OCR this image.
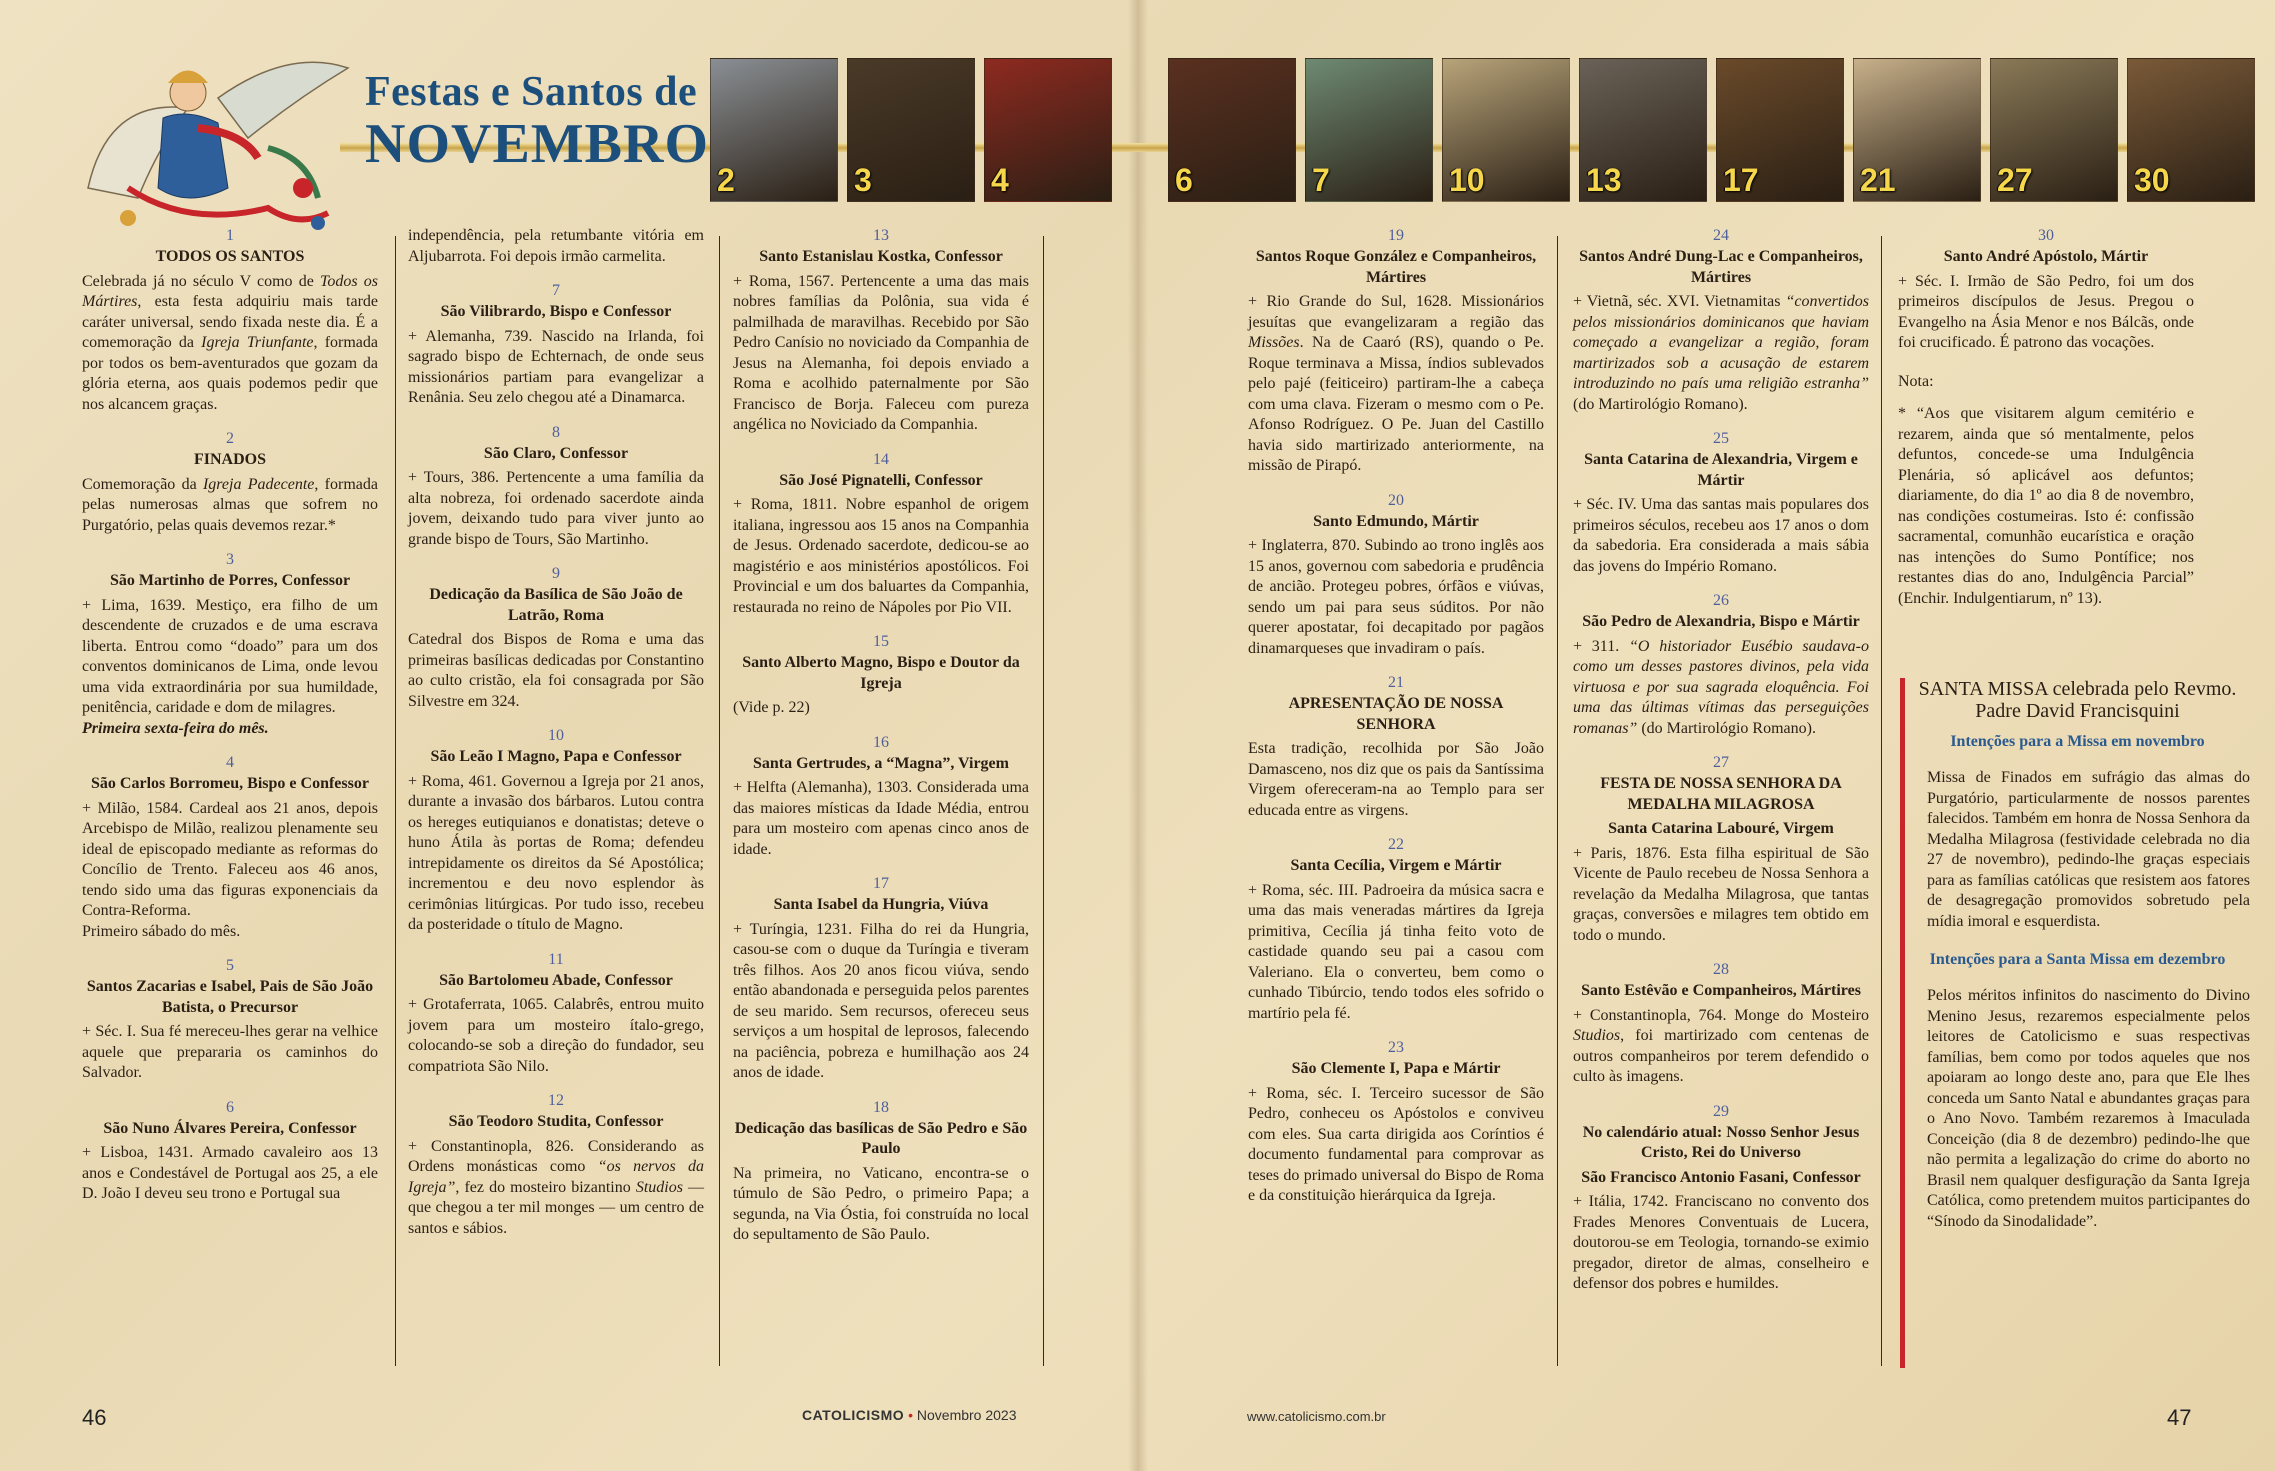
Festas e Santos de
NOVEMBRO
2	3	4	6	7	10	13	17	21	27	30
1
TODOS OS SANTOS

Celebrada já no século V como de Todos os Mártires, esta festa adquiriu mais tarde caráter universal, sendo fixada neste dia. É a comemoração da Igreja Triunfante, formada por todos os bem-aventurados que gozam da glória eterna, aos quais podemos pedir que nos alcancem graças.

2
FINADOS

Comemoração da Igreja Padecente, formada pelas numerosas almas que sofrem no Purgatório, pelas quais devemos rezar.*

3
São Martinho de Porres, Confessor

+ Lima, 1639. Mestiço, era filho de um descendente de cruzados e de uma escrava liberta. Entrou como “doado” para um dos conventos dominicanos de Lima, onde levou uma vida extraordinária por sua humildade, penitência, caridade e dom de milagres.
Primeira sexta-feira do mês.

4
São Carlos Borromeu, Bispo e Confessor

+ Milão, 1584. Cardeal aos 21 anos, depois Arcebispo de Milão, realizou plenamente seu ideal de episcopado mediante as reformas do Concílio de Trento. Faleceu aos 46 anos, tendo sido uma das figuras exponenciais da Contra-Reforma.
Primeiro sábado do mês.

5
Santos Zacarias e Isabel, Pais de São João Batista, o Precursor

+ Séc. I. Sua fé mereceu-lhes gerar na velhice aquele que prepararia os caminhos do Salvador.

6
São Nuno Álvares Pereira, Confessor

+ Lisboa, 1431. Armado cavaleiro aos 13 anos e Condestável de Portugal aos 25, a ele D. João I deveu seu trono e Portugal sua

independência, pela retumbante vitória em Aljubarrota. Foi depois irmão carmelita.

7
São Vilibrardo, Bispo e Confessor

+ Alemanha, 739. Nascido na Irlanda, foi sagrado bispo de Echternach, de onde seus missionários partiam para evangelizar a Renânia. Seu zelo chegou até a Dinamarca.

8
São Claro, Confessor

+ Tours, 386. Pertencente a uma família da alta nobreza, foi ordenado sacerdote ainda jovem, deixando tudo para viver junto ao grande bispo de Tours, São Martinho.

9
Dedicação da Basílica de São João de Latrão, Roma

Catedral dos Bispos de Roma e uma das primeiras basílicas dedicadas por Constantino ao culto cristão, ela foi consagrada por São Silvestre em 324.

10
São Leão I Magno, Papa e Confessor

+ Roma, 461. Governou a Igreja por 21 anos, durante a invasão dos bárbaros. Lutou contra os hereges eutiquianos e donatistas; deteve o huno Átila às portas de Roma; defendeu intrepidamente os direitos da Sé Apostólica; incrementou e deu novo esplendor às cerimônias litúrgicas. Por tudo isso, recebeu da posteridade o título de Magno.

11
São Bartolomeu Abade, Confessor

+ Grotaferrata, 1065. Calabrês, entrou muito jovem para um mosteiro ítalo-grego, colocando-se sob a direção do fundador, seu compatriota São Nilo.

12
São Teodoro Studita, Confessor

+ Constantinopla, 826. Considerando as Ordens monásticas como “os nervos da Igreja”, fez do mosteiro bizantino Studios — que chegou a ter mil monges — um centro de santos e sábios.

13
Santo Estanislau Kostka, Confessor

+ Roma, 1567. Pertencente a uma das mais nobres famílias da Polônia, sua vida é palmilhada de maravilhas. Recebido por São Pedro Canísio no noviciado da Companhia de Jesus na Alemanha, foi depois enviado a Roma e acolhido paternalmente por São Francisco de Borja. Faleceu com pureza angélica no Noviciado da Companhia.

14
São José Pignatelli, Confessor

+ Roma, 1811. Nobre espanhol de origem italiana, ingressou aos 15 anos na Companhia de Jesus. Ordenado sacerdote, dedicou-se ao magistério e aos ministérios apostólicos. Foi Provincial e um dos baluartes da Companhia, restaurada no reino de Nápoles por Pio VII.

15
Santo Alberto Magno, Bispo e Doutor da Igreja

(Vide p. 22)

16
Santa Gertrudes, a “Magna”, Virgem

+ Helfta (Alemanha), 1303. Considerada uma das maiores místicas da Idade Média, entrou para um mosteiro com apenas cinco anos de idade.

17
Santa Isabel da Hungria, Viúva

+ Turíngia, 1231. Filha do rei da Hungria, casou-se com o duque da Turíngia e tiveram três filhos. Aos 20 anos ficou viúva, sendo então abandonada e perseguida pelos parentes de seu marido. Sem recursos, ofereceu seus serviços a um hospital de leprosos, falecendo na paciência, pobreza e humilhação aos 24 anos de idade.

18
Dedicação das basílicas de São Pedro e São Paulo

Na primeira, no Vaticano, encontra-se o túmulo de São Pedro, o primeiro Papa; a segunda, na Via Óstia, foi construída no local do sepultamento de São Paulo.

19
Santos Roque González e Companheiros, Mártires

+ Rio Grande do Sul, 1628. Missionários jesuítas que evangelizaram a região das Missões. Na de Caaró (RS), quando o Pe. Roque terminava a Missa, índios sublevados pelo pajé (feiticeiro) partiram-lhe a cabeça com uma clava. Fizeram o mesmo com o Pe. Afonso Rodríguez. O Pe. Juan del Castillo havia sido martirizado anteriormente, na missão de Pirapó.

20
Santo Edmundo, Mártir

+ Inglaterra, 870. Subindo ao trono inglês aos 15 anos, governou com sabedoria e prudência de ancião. Protegeu pobres, órfãos e viúvas, sendo um pai para seus súditos. Por não querer apostatar, foi decapitado por pagãos dinamarqueses que invadiram o país.

21
APRESENTAÇÃO DE NOSSA SENHORA

Esta tradição, recolhida por São João Damasceno, nos diz que os pais da Santíssima Virgem ofereceram-na ao Templo para ser educada entre as virgens.

22
Santa Cecília, Virgem e Mártir

+ Roma, séc. III. Padroeira da música sacra e uma das mais veneradas mártires da Igreja primitiva, Cecília já tinha feito voto de castidade quando seu pai a casou com Valeriano. Ela o converteu, bem como o cunhado Tibúrcio, tendo todos eles sofrido o martírio pela fé.

23
São Clemente I, Papa e Mártir

+ Roma, séc. I. Terceiro sucessor de São Pedro, conheceu os Apóstolos e conviveu com eles. Sua carta dirigida aos Coríntios é documento fundamental para comprovar as teses do primado universal do Bispo de Roma e da constituição hierárquica da Igreja.

24
Santos André Dung-Lac e Companheiros, Mártires

+ Vietnã, séc. XVI. Vietnamitas “convertidos pelos missionários dominicanos que haviam começado a evangelizar a região, foram martirizados sob a acusação de estarem introduzindo no país uma religião estranha” (do Martirológio Romano).

25
Santa Catarina de Alexandria, Virgem e Mártir

+ Séc. IV. Uma das santas mais populares dos primeiros séculos, recebeu aos 17 anos o dom da sabedoria. Era considerada a mais sábia das jovens do Império Romano.

26
São Pedro de Alexandria, Bispo e Mártir

+ 311. “O historiador Eusébio saudava-o como um desses pastores divinos, pela vida virtuosa e por sua sagrada eloquência. Foi uma das últimas vítimas das perseguições romanas” (do Martirológio Romano).

27
FESTA DE NOSSA SENHORA DA MEDALHA MILAGROSA
Santa Catarina Labouré, Virgem

+ Paris, 1876. Esta filha espiritual de São Vicente de Paulo recebeu de Nossa Senhora a revelação da Medalha Milagrosa, que tantas graças, conversões e milagres tem obtido em todo o mundo.

28
Santo Estêvão e Companheiros, Mártires

+ Constantinopla, 764. Monge do Mosteiro Studios, foi martirizado com centenas de outros companheiros por terem defendido o culto às imagens.

29
No calendário atual: Nosso Senhor Jesus Cristo, Rei do Universo
São Francisco Antonio Fasani, Confessor

+ Itália, 1742. Franciscano no convento dos Frades Menores Conventuais de Lucera, doutorou-se em Teologia, tornando-se eximio pregador, diretor de almas, conselheiro e defensor dos pobres e humildes.

30
Santo André Apóstolo, Mártir

+ Séc. I. Irmão de São Pedro, foi um dos primeiros discípulos de Jesus. Pregou o Evangelho na Ásia Menor e nos Bálcãs, onde foi crucificado. É patrono das vocações.

Nota:

* “Aos que visitarem algum cemitério e rezarem, ainda que só mentalmente, pelos defuntos, concede-se uma Indulgência Plenária, só aplicável aos defuntos; diariamente, do dia 1º ao dia 8 de novembro, nas condições costumeiras. Isto é: confissão sacramental, comunhão eucarística e oração nas intenções do Sumo Pontífice; nos restantes dias do ano, Indulgência Parcial” (Enchir. Indulgentiarum, nº 13).

SANTA MISSA celebrada pelo Revmo. Padre David Francisquini

Intenções para a Missa em novembro

Missa de Finados em sufrágio das almas do Purgatório, particularmente de nossos parentes falecidos. Também em honra de Nossa Senhora da Medalha Milagrosa (festividade celebrada no dia 27 de novembro), pedindo-lhe graças especiais para as famílias católicas que resistem aos fatores de desagregação promovidos sobretudo pela mídia imoral e esquerdista.

Intenções para a Santa Missa em dezembro

Pelos méritos infinitos do nascimento do Divino Menino Jesus, rezaremos especialmente pelos leitores de Catolicismo e suas respectivas famílias, bem como por todos aqueles que nos apoiaram ao longo deste ano, para que Ele lhes conceda um Santo Natal e abundantes graças para o Ano Novo. Também rezaremos à Imaculada Conceição (dia 8 de dezembro) pedindo-lhe que não permita a legalização do crime do aborto no Brasil nem qualquer desfiguração da Santa Igreja Católica, como pretendem muitos participantes do “Sínodo da Sinodalidade”.

46	47
CATOLICISMO • Novembro 2023	www.catolicismo.com.br
